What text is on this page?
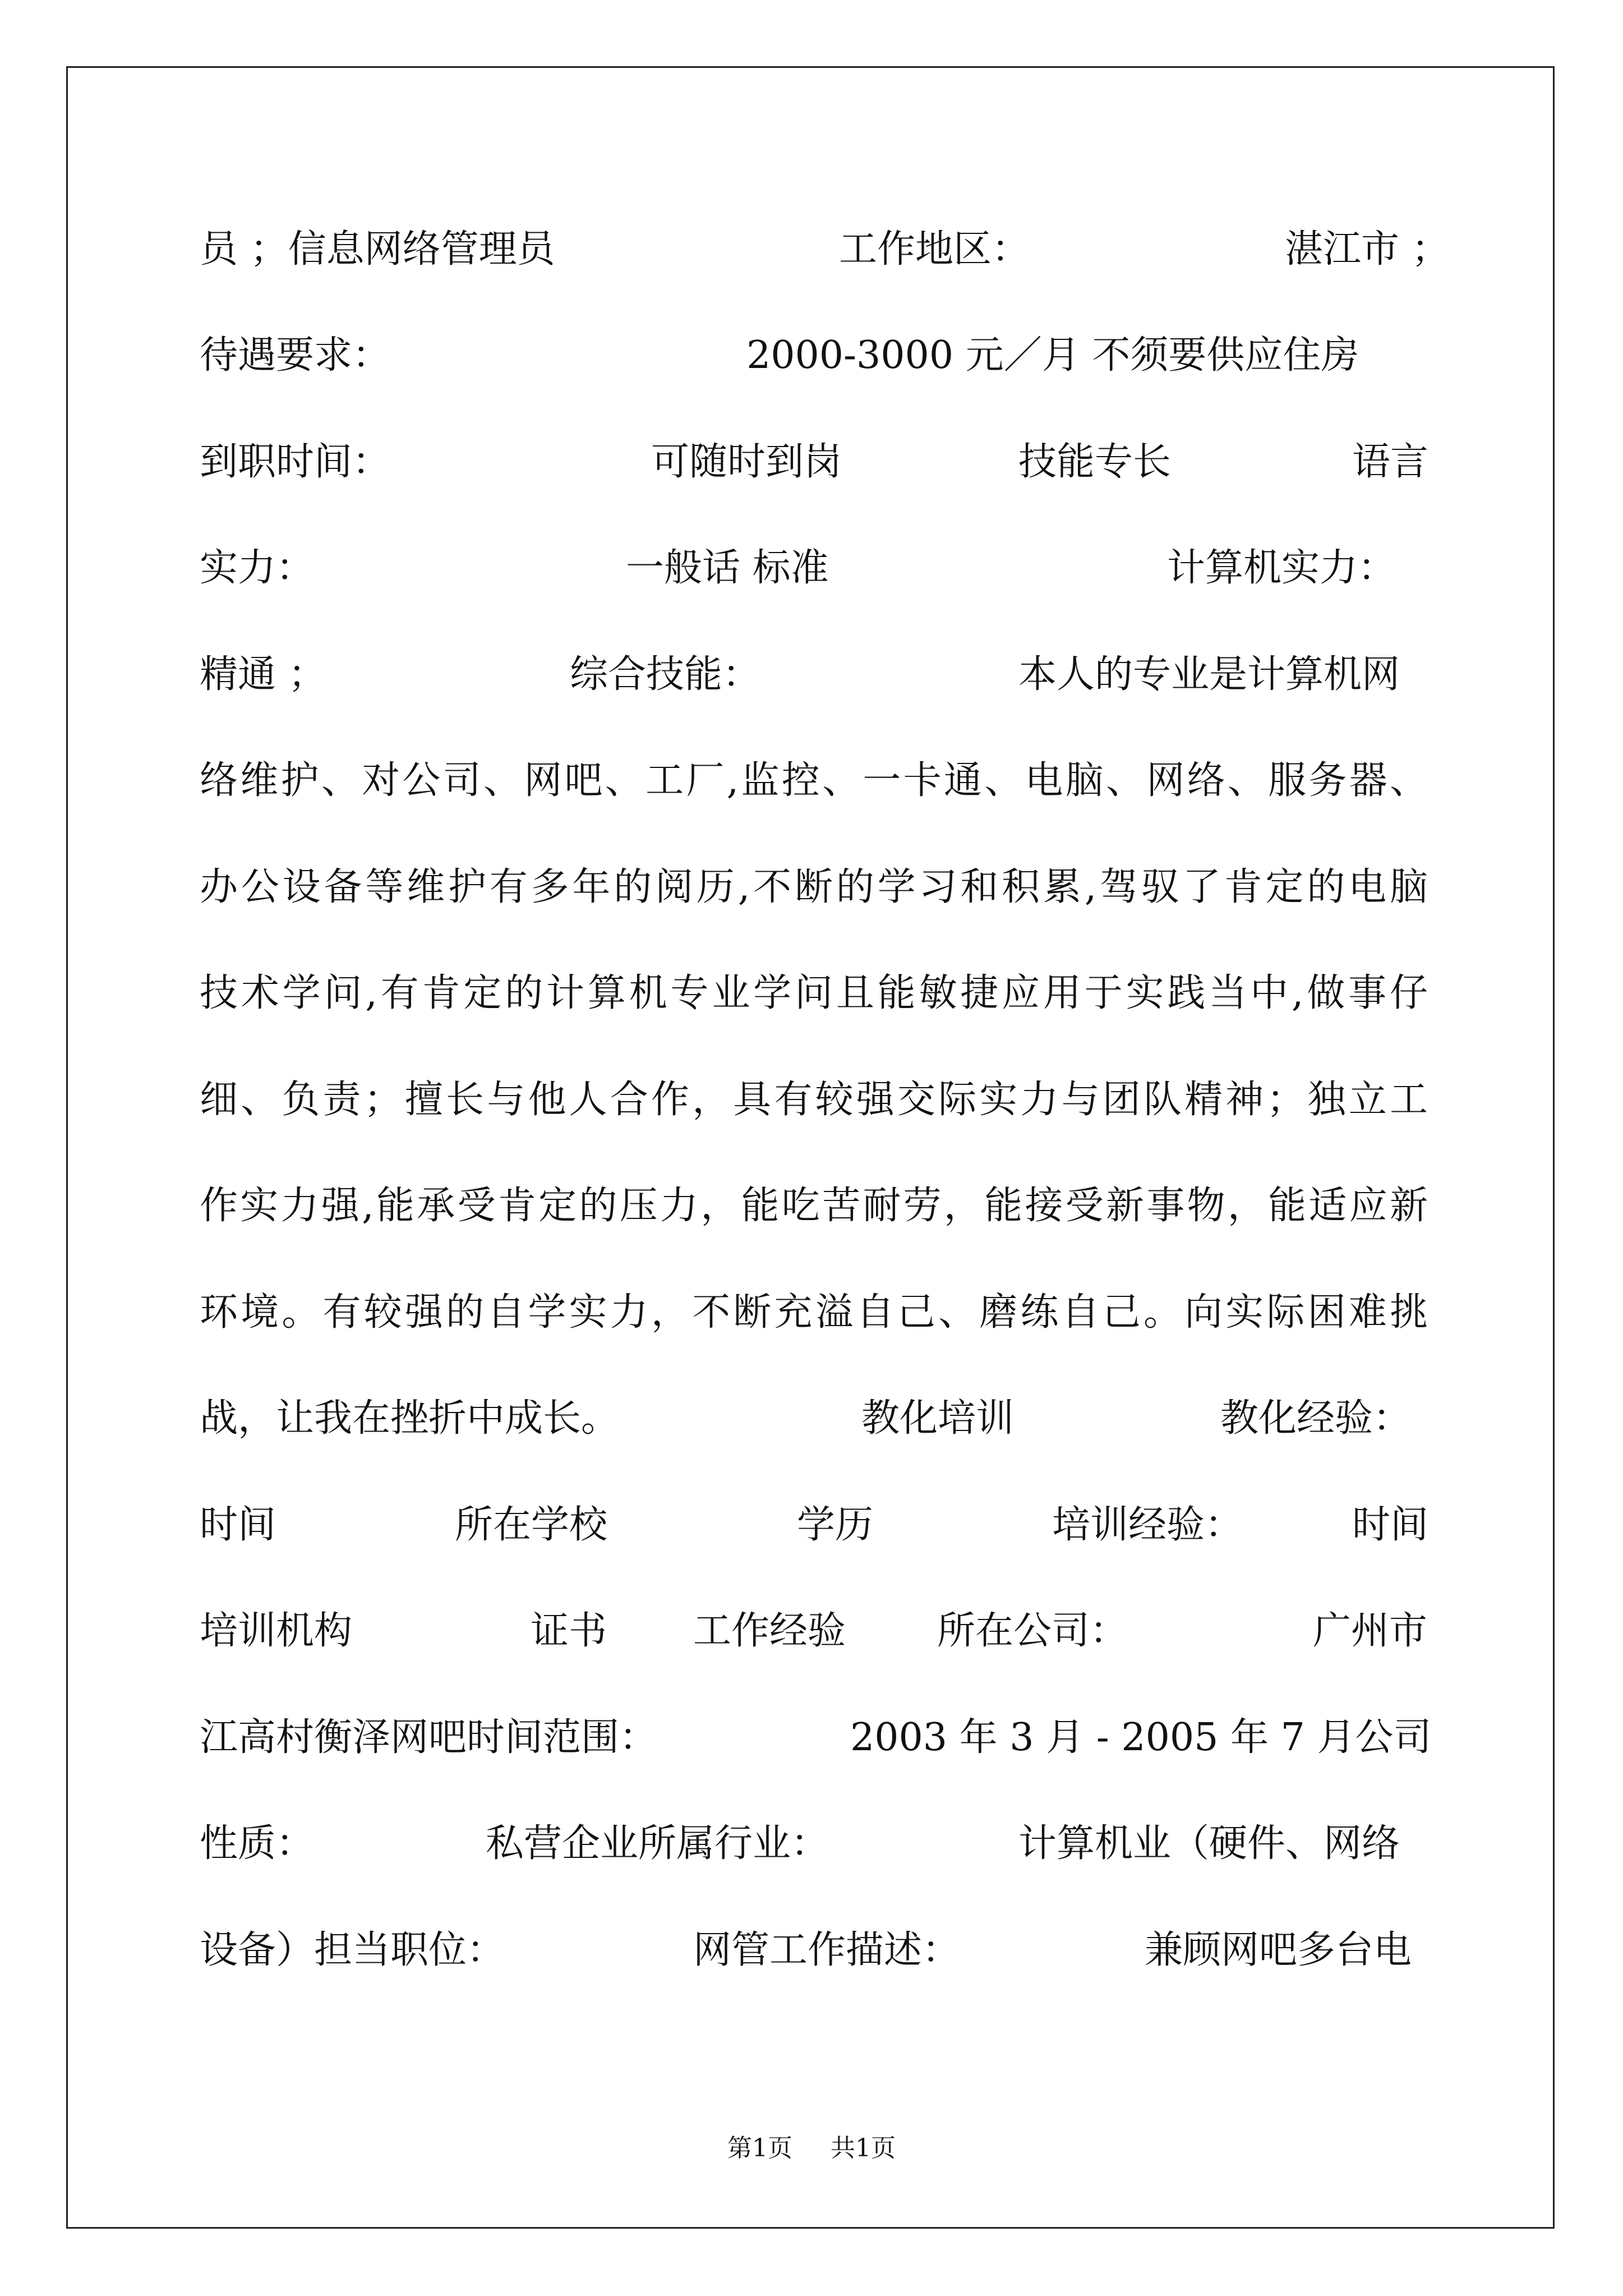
员 ；信息网络管理员	工作地区：	湛江市 ；
待遇要求：	2000-3000 元／月 不须要供应住房
到职时间：	可随时到岗	技能专长	语言
实力：	一般话 标准	计算机实力：
精通 ；	综合技能：	本人的专业是计算机网
络维护、对公司、网吧、工厂,监控、一卡通、电脑、网络、服务器、
办公设备等维护有多年的阅历,不断的学习和积累,驾驭了肯定的电脑
技术学问,有肯定的计算机专业学问且能敏捷应用于实践当中,做事仔
细、负责；擅长与他人合作，具有较强交际实力与团队精神；独立工
作实力强,能承受肯定的压力，能吃苦耐劳，能接受新事物，能适应新
环境。有较强的自学实力，不断充溢自己、磨练自己。向实际困难挑
战，让我在挫折中成长。	教化培训	教化经验：
时间	所在学校	学历	培训经验：	时间
培训机构	证书 工作经验 所在公司：	广州市
江高村衡泽网吧时间范围：	2003 年 3 月 - 2005 年 7 月公司
性质：	私营企业所属行业：	计算机业（硬件、网络
设备）担当职位：	网管工作描述：	兼顾网吧多台电
第1页 共1页
